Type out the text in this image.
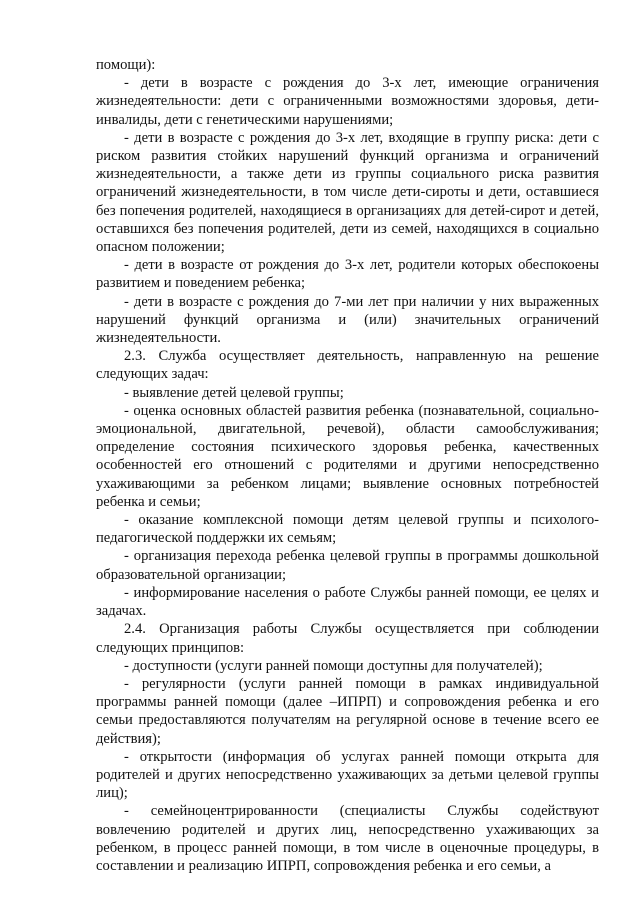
помощи):

- дети в возрасте с рождения до 3-х лет, имеющие ограничения жизнедеятельности: дети с ограниченными возможностями здоровья, дети-инвалиды, дети с генетическими нарушениями;

- дети в возрасте с рождения до 3-х лет, входящие в группу риска: дети с риском развития стойких нарушений функций организма и ограничений жизнедеятельности, а также дети из группы социального риска развития ограничений жизнедеятельности, в том числе дети-сироты и дети, оставшиеся без попечения родителей, находящиеся в организациях для детей-сирот и детей, оставшихся без попечения родителей, дети из семей, находящихся в социально опасном положении;

- дети в возрасте от рождения до 3-х лет, родители которых обеспокоены развитием и поведением ребенка;

- дети в возрасте с рождения до 7-ми лет при наличии у них выраженных нарушений функций организма и (или) значительных ограничений жизнедеятельности.

2.3. Служба осуществляет деятельность, направленную на решение следующих задач:

- выявление детей целевой группы;

- оценка основных областей развития ребенка (познавательной, социально-эмоциональной, двигательной, речевой), области самообслуживания; определение состояния психического здоровья ребенка, качественных особенностей его отношений с родителями и другими непосредственно ухаживающими за ребенком лицами; выявление основных потребностей ребенка и семьи;

- оказание комплексной помощи детям целевой группы и психолого-педагогической поддержки их семьям;

- организация перехода ребенка целевой группы в программы дошкольной образовательной организации;

- информирование населения о работе Службы ранней помощи, ее целях и задачах.

2.4. Организация работы Службы осуществляется при соблюдении следующих принципов:

- доступности (услуги ранней помощи доступны для получателей);

- регулярности (услуги ранней помощи в рамках индивидуальной программы ранней помощи (далее –ИПРП) и сопровождения ребенка и его семьи предоставляются получателям на регулярной основе в течение всего ее действия);

- открытости (информация об услугах ранней помощи открыта для родителей и других непосредственно ухаживающих за детьми целевой группы лиц);

- семейноцентрированности (специалисты Службы содействуют вовлечению родителей и других лиц, непосредственно ухаживающих за ребенком, в процесс ранней помощи, в том числе в оценочные процедуры, в составлении и реализацию ИПРП, сопровождения ребенка и его семьи, а
